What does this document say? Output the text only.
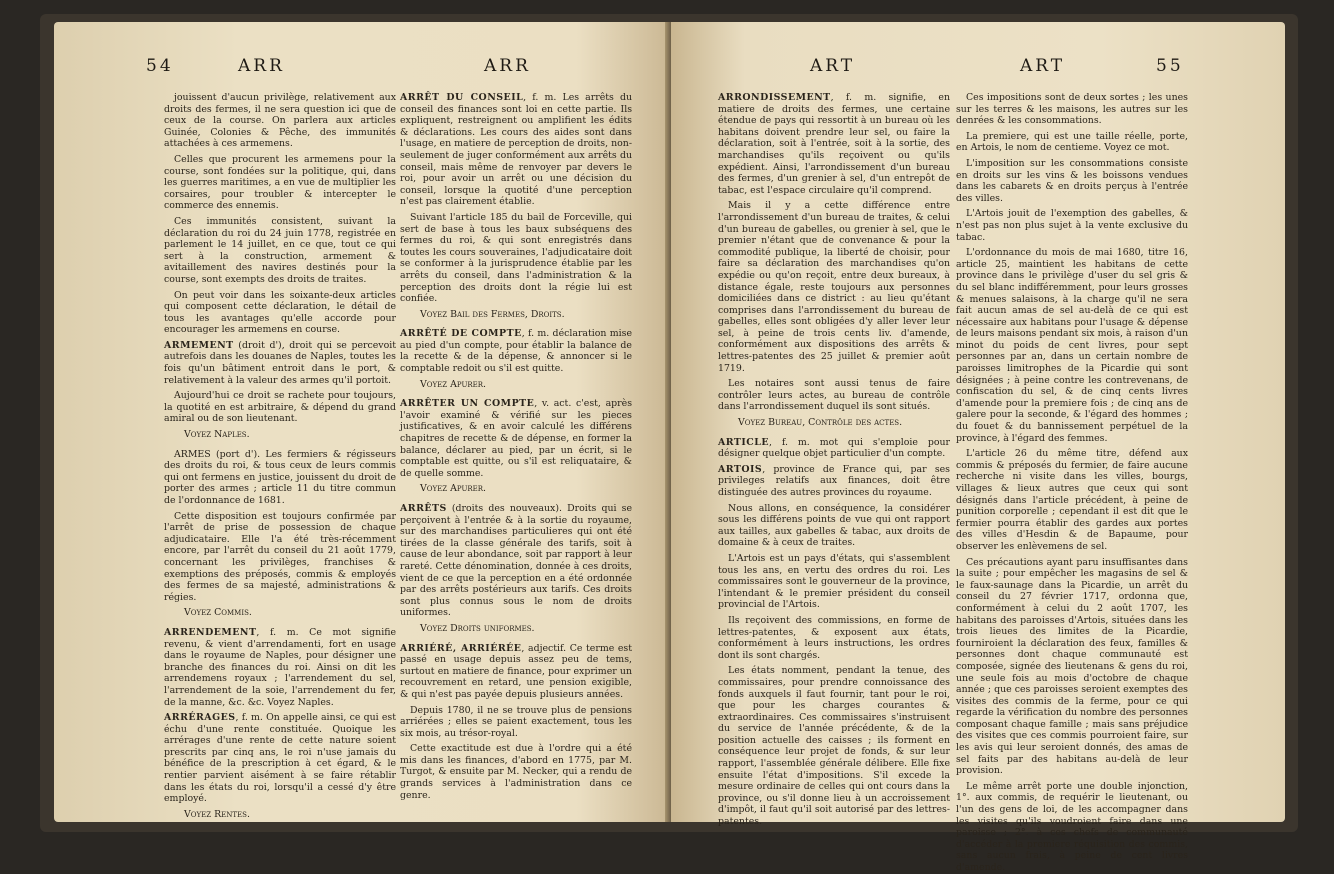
54	ARR	ARR	ART	ART	55

jouissent d'aucun privilège, relativement aux droits des fermes, il ne sera question ici que de ceux de la course. On parlera aux articles Guinée, Colonies & Pêche, des immunités attachées à ces armemens.

Celles que procurent les armemens pour la course, sont fondées sur la politique, qui, dans les guerres maritimes, a en vue de multiplier les corsaires, pour troubler & intercepter le commerce des ennemis.

Ces immunités consistent, suivant la déclaration du roi du 24 juin 1778, registrée en parlement le 14 juillet, en ce que, tout ce qui sert à la construction, armement & avitaillement des navires destinés pour la course, sont exempts des droits de traites.

On peut voir dans les soixante-deux articles qui composent cette déclaration, le détail de tous les avantages qu'elle accorde pour encourager les armemens en course.

ARMEMENT (droit d'), droit qui se percevoit autrefois dans les douanes de Naples, toutes les fois qu'un bâtiment entroit dans le port, & relativement à la valeur des armes qu'il portoit.

Aujourd'hui ce droit se rachete pour toujours, la quotité en est arbitraire, & dépend du grand amiral ou de son lieutenant.

Voyez Naples.

ARMES (port d'). Les fermiers & régisseurs des droits du roi, & tous ceux de leurs commis qui ont fermens en justice, jouissent du droit de porter des armes ; article 11 du titre commun de l'ordonnance de 1681.

Cette disposition est toujours confirmée par l'arrêt de prise de possession de chaque adjudicataire. Elle l'a été très-récemment encore, par l'arrêt du conseil du 21 août 1779, concernant les privilèges, franchises & exemptions des préposés, commis & employés des fermes de sa majesté, administrations & régies.

Voyez Commis.

ARRENDEMENT, f. m. Ce mot signifie revenu, & vient d'arrendamenti, fort en usage dans le royaume de Naples, pour désigner une branche des finances du roi. Ainsi on dit les arrendemens royaux ; l'arrendement du sel, l'arrendement de la soie, l'arrendement du fer, de la manne, &c. &c. Voyez Naples.

ARRÉRAGES, f. m. On appelle ainsi, ce qui est échu d'une rente constituée. Quoique les arrérages d'une rente de cette nature soient prescrits par cinq ans, le roi n'use jamais du bénéfice de la prescription à cet égard, & le rentier parvient aisément à se faire rétablir dans les états du roi, lorsqu'il a cessé d'y être employé.

Voyez Rentes.

ARRÊT DU CONSEIL, f. m. Les arrêts du conseil des finances sont loi en cette partie. Ils expliquent, restreignent ou amplifient les édits & déclarations. Les cours des aides sont dans l'usage, en matiere de perception de droits, non-seulement de juger conformément aux arrêts du conseil, mais même de renvoyer par devers le roi, pour avoir un arrêt ou une décision du conseil, lorsque la quotité d'une perception n'est pas clairement établie.

Suivant l'article 185 du bail de Forceville, qui sert de base à tous les baux subséquens des fermes du roi, & qui sont enregistrés dans toutes les cours souveraines, l'adjudicataire doit se conformer à la jurisprudence établie par les arrêts du conseil, dans l'administration & la perception des droits dont la régie lui est confiée.

Voyez Bail des Fermes, Droits.

ARRÊTÉ DE COMPTE, f. m. déclaration mise au pied d'un compte, pour établir la balance de la recette & de la dépense, & annoncer si le comptable redoit ou s'il est quitte.

Voyez Apurer.

ARRÊTER UN COMPTE, v. act. c'est, après l'avoir examiné & vérifié sur les pieces justificatives, & en avoir calculé les différens chapitres de recette & de dépense, en former la balance, déclarer au pied, par un écrit, si le comptable est quitte, ou s'il est reliquataire, & de quelle somme.

Voyez Apurer.

ARRÊTS (droits des nouveaux). Droits qui se perçoivent à l'entrée & à la sortie du royaume, sur des marchandises particulieres qui ont été tirées de la classe générale des tarifs, soit à cause de leur abondance, soit par rapport à leur rareté. Cette dénomination, donnée à ces droits, vient de ce que la perception en a été ordonnée par des arrêts postérieurs aux tarifs. Ces droits sont plus connus sous le nom de droits uniformes.

Voyez Droits uniformes.

ARRIÉRÉ, ARRIÉRÉE, adjectif. Ce terme est passé en usage depuis assez peu de tems, surtout en matiere de finance, pour exprimer un recouvrement en retard, une pension exigible, & qui n'est pas payée depuis plusieurs années.

Depuis 1780, il ne se trouve plus de pensions arriérées ; elles se paient exactement, tous les six mois, au trésor-royal.

Cette exactitude est due à l'ordre qui a été mis dans les finances, d'abord en 1775, par M. Turgot, & ensuite par M. Necker, qui a rendu de grands services à l'administration dans ce genre.

ARRONDISSEMENT, f. m. signifie, en matiere de droits des fermes, une certaine étendue de pays qui ressortit à un bureau où les habitans doivent prendre leur sel, ou faire la déclaration, soit à l'entrée, soit à la sortie, des marchandises qu'ils reçoivent ou qu'ils expédient. Ainsi, l'arrondissement d'un bureau des fermes, d'un grenier à sel, d'un entrepôt de tabac, est l'espace circulaire qu'il comprend.

Mais il y a cette différence entre l'arrondissement d'un bureau de traites, & celui d'un bureau de gabelles, ou grenier à sel, que le premier n'étant que de convenance & pour la commodité publique, la liberté de choisir, pour faire sa déclaration des marchandises qu'on expédie ou qu'on reçoit, entre deux bureaux, à distance égale, reste toujours aux personnes domiciliées dans ce district : au lieu qu'étant comprises dans l'arrondissement du bureau de gabelles, elles sont obligées d'y aller lever leur sel, à peine de trois cents liv. d'amende, conformément aux dispositions des arrêts & lettres-patentes des 25 juillet & premier août 1719.

Les notaires sont aussi tenus de faire contrôler leurs actes, au bureau de contrôle dans l'arrondissement duquel ils sont situés.

Voyez Bureau, Contrôle des actes.

ARTICLE, f. m. mot qui s'emploie pour désigner quelque objet particulier d'un compte.

ARTOIS, province de France qui, par ses privileges relatifs aux finances, doit être distinguée des autres provinces du royaume.

Nous allons, en conséquence, la considérer sous les différens points de vue qui ont rapport aux tailles, aux gabelles & tabac, aux droits de domaine & à ceux de traites.

L'Artois est un pays d'états, qui s'assemblent tous les ans, en vertu des ordres du roi. Les commissaires sont le gouverneur de la province, l'intendant & le premier président du conseil provincial de l'Artois.

Ils reçoivent des commissions, en forme de lettres-patentes, & exposent aux états, conformément à leurs instructions, les ordres dont ils sont chargés.

Les états nomment, pendant la tenue, des commissaires, pour prendre connoissance des fonds auxquels il faut fournir, tant pour le roi, que pour les charges courantes & extraordinaires. Ces commissaires s'instruisent du service de l'année précédente, & de la position actuelle des caisses ; ils forment en conséquence leur projet de fonds, & sur leur rapport, l'assemblée générale délibere. Elle fixe ensuite l'état d'impositions. S'il excede la mesure ordinaire de celles qui ont cours dans la province, ou s'il donne lieu à un accroissement d'impôt, il faut qu'il soit autorisé par des lettres-patentes.

Ces impositions sont de deux sortes ; les unes sur les terres & les maisons, les autres sur les denrées & les consommations.

La premiere, qui est une taille réelle, porte, en Artois, le nom de centieme. Voyez ce mot.

L'imposition sur les consommations consiste en droits sur les vins & les boissons vendues dans les cabarets & en droits perçus à l'entrée des villes.

L'Artois jouit de l'exemption des gabelles, & n'est pas non plus sujet à la vente exclusive du tabac.

L'ordonnance du mois de mai 1680, titre 16, article 25, maintient les habitans de cette province dans le privilège d'user du sel gris & du sel blanc indifféremment, pour leurs grosses & menues salaisons, à la charge qu'il ne sera fait aucun amas de sel au-delà de ce qui est nécessaire aux habitans pour l'usage & dépense de leurs maisons pendant six mois, à raison d'un minot du poids de cent livres, pour sept personnes par an, dans un certain nombre de paroisses limitrophes de la Picardie qui sont désignées ; à peine contre les contrevenans, de confiscation du sel, & de cinq cents livres d'amende pour la premiere fois ; de cinq ans de galere pour la seconde, & l'égard des hommes ; du fouet & du bannissement perpétuel de la province, à l'égard des femmes.

L'article 26 du même titre, défend aux commis & préposés du fermier, de faire aucune recherche ni visite dans les villes, bourgs, villages & lieux autres que ceux qui sont désignés dans l'article précédent, à peine de punition corporelle ; cependant il est dit que le fermier pourra établir des gardes aux portes des villes d'Hesdin & de Bapaume, pour observer les enlèvemens de sel.

Ces précautions ayant paru insuffisantes dans la suite ; pour empêcher les magasins de sel & le faux-saunage dans la Picardie, un arrêt du conseil du 27 février 1717, ordonna que, conformément à celui du 2 août 1707, les habitans des paroisses d'Artois, situées dans les trois lieues des limites de la Picardie, fourniroient la déclaration des feux, familles & personnes dont chaque communauté est composée, signée des lieutenans & gens du roi, une seule fois au mois d'octobre de chaque année ; que ces paroisses seroient exemptes des visites des commis de la ferme, pour ce qui regarde la vérification du nombre des personnes composant chaque famille ; mais sans préjudice des visites que ces commis pourroient faire, sur les avis qui leur seroient donnés, des amas de sel faits par des habitans au-delà de leur provision.

Le même arrêt porte une double injonction, 1°. aux commis, de requérir le lieutenant, ou l'un des gens de loi, de les accompagner dans les visites qu'ils voudroient faire dans une paroisse ; 2°. à ces chefs de communauté d'accéder à la premiere réquisition des commis, sans aucun frais, à peine de cent livres d'amende.
